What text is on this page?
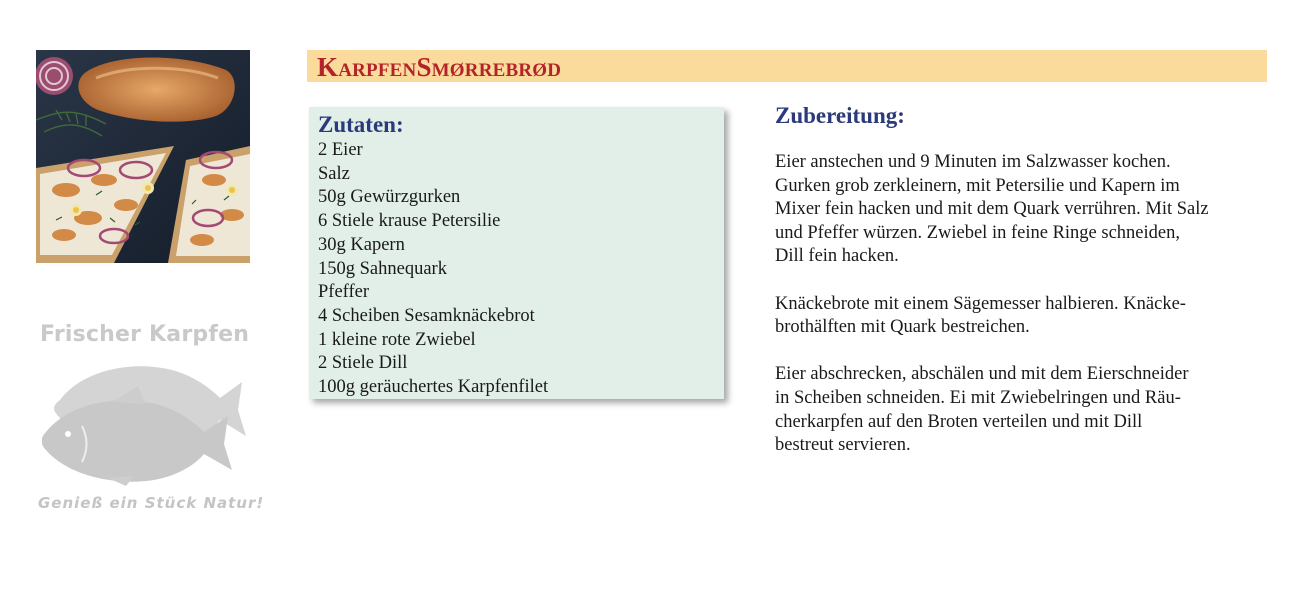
Frischer Karpfen
Genieß ein Stück Natur!
KarpfenSmørrebrød
Zutaten:
2 Eier
Salz
50g Gewürzgurken
6 Stiele krause Petersilie
30g Kapern
150g Sahnequark
Pfeffer
4 Scheiben Sesamknäckebrot
1 kleine rote Zwiebel
2 Stiele Dill
100g geräuchertes Karpfenfilet
Zubereitung:

Eier anstechen und 9 Minuten im Salzwasser kochen.
Gurken grob zerkleinern, mit Petersilie und Kapern im
Mixer fein hacken und mit dem Quark verrühren. Mit Salz
und Pfeffer würzen. Zwiebel in feine Ringe schneiden,
Dill fein hacken.

Knäckebrote mit einem Sägemesser halbieren. Knäcke-
brothälften mit Quark bestreichen.

Eier abschrecken, abschälen und mit dem Eierschneider
in Scheiben schneiden. Ei mit Zwiebelringen und Räu-
cherkarpfen auf den Broten verteilen und mit Dill
bestreut servieren.
